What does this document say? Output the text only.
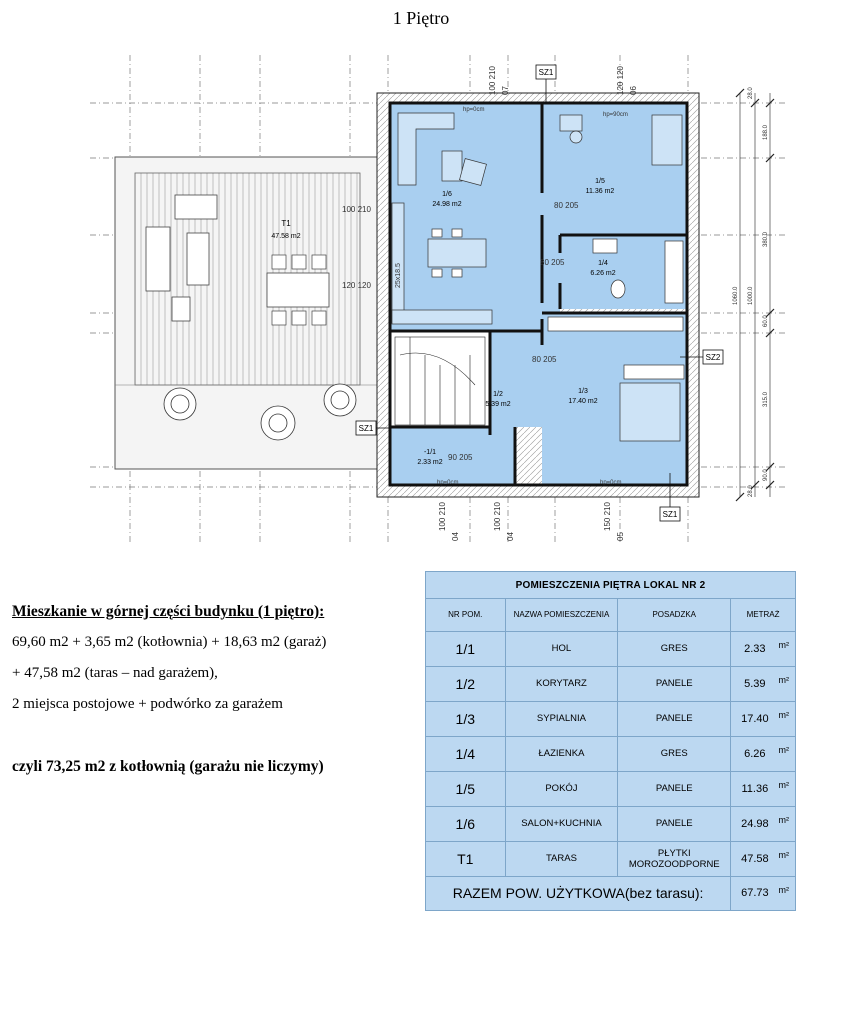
1 Piętro
T1
47.58 m2
1/6
24.98 m2
1/5
11.36 m2
1/4
6.26 m2
1/3
17.40 m2
1/2
5.39 m2
-1/1
2.33 m2
80 205
80 205
80 205
90 205
hp=0cm
hp=90cm
hp=0cm	hp=0cm
25x18.5
100 210 07	120 120 06
100 210
04
100 210
04
150 210
05
100 210
120 120
SZ1
SZ1
SZ1
SZ2
1060.0 1000.0
188.0
380.0
60.0
315.0
90.0
28.0
28.0
Mieszkanie w górnej części budynku (1 piętro):
69,60 m2 + 3,65 m2 (kotłownia) + 18,63 m2 (garaż)
+ 47,58 m2 (taras – nad garażem),
2 miejsca postojowe + podwórko za garażem
czyli 73,25 m2 z kotłownią (garażu nie liczymy)
POMIESZCZENIA PIĘTRA LOKAL NR 2				
NR POM.	NAZWA POMIESZCZENIA	POSADZKA	METRAŻ	
1/1	HOL	GRES	2.33	m²
1/2	KORYTARZ	PANELE	5.39	m²
1/3	SYPIALNIA	PANELE	17.40	m²
1/4	ŁAZIENKA	GRES	6.26	m²
1/5	POKÓJ	PANELE	11.36	m²
1/6	SALON+KUCHNIA	PANELE	24.98	m²
T1	TARAS	PŁYTKI MOROZOODPORNE	47.58	m²
RAZEM POW. UŻYTKOWA(bez tarasu):			67.73	m²
